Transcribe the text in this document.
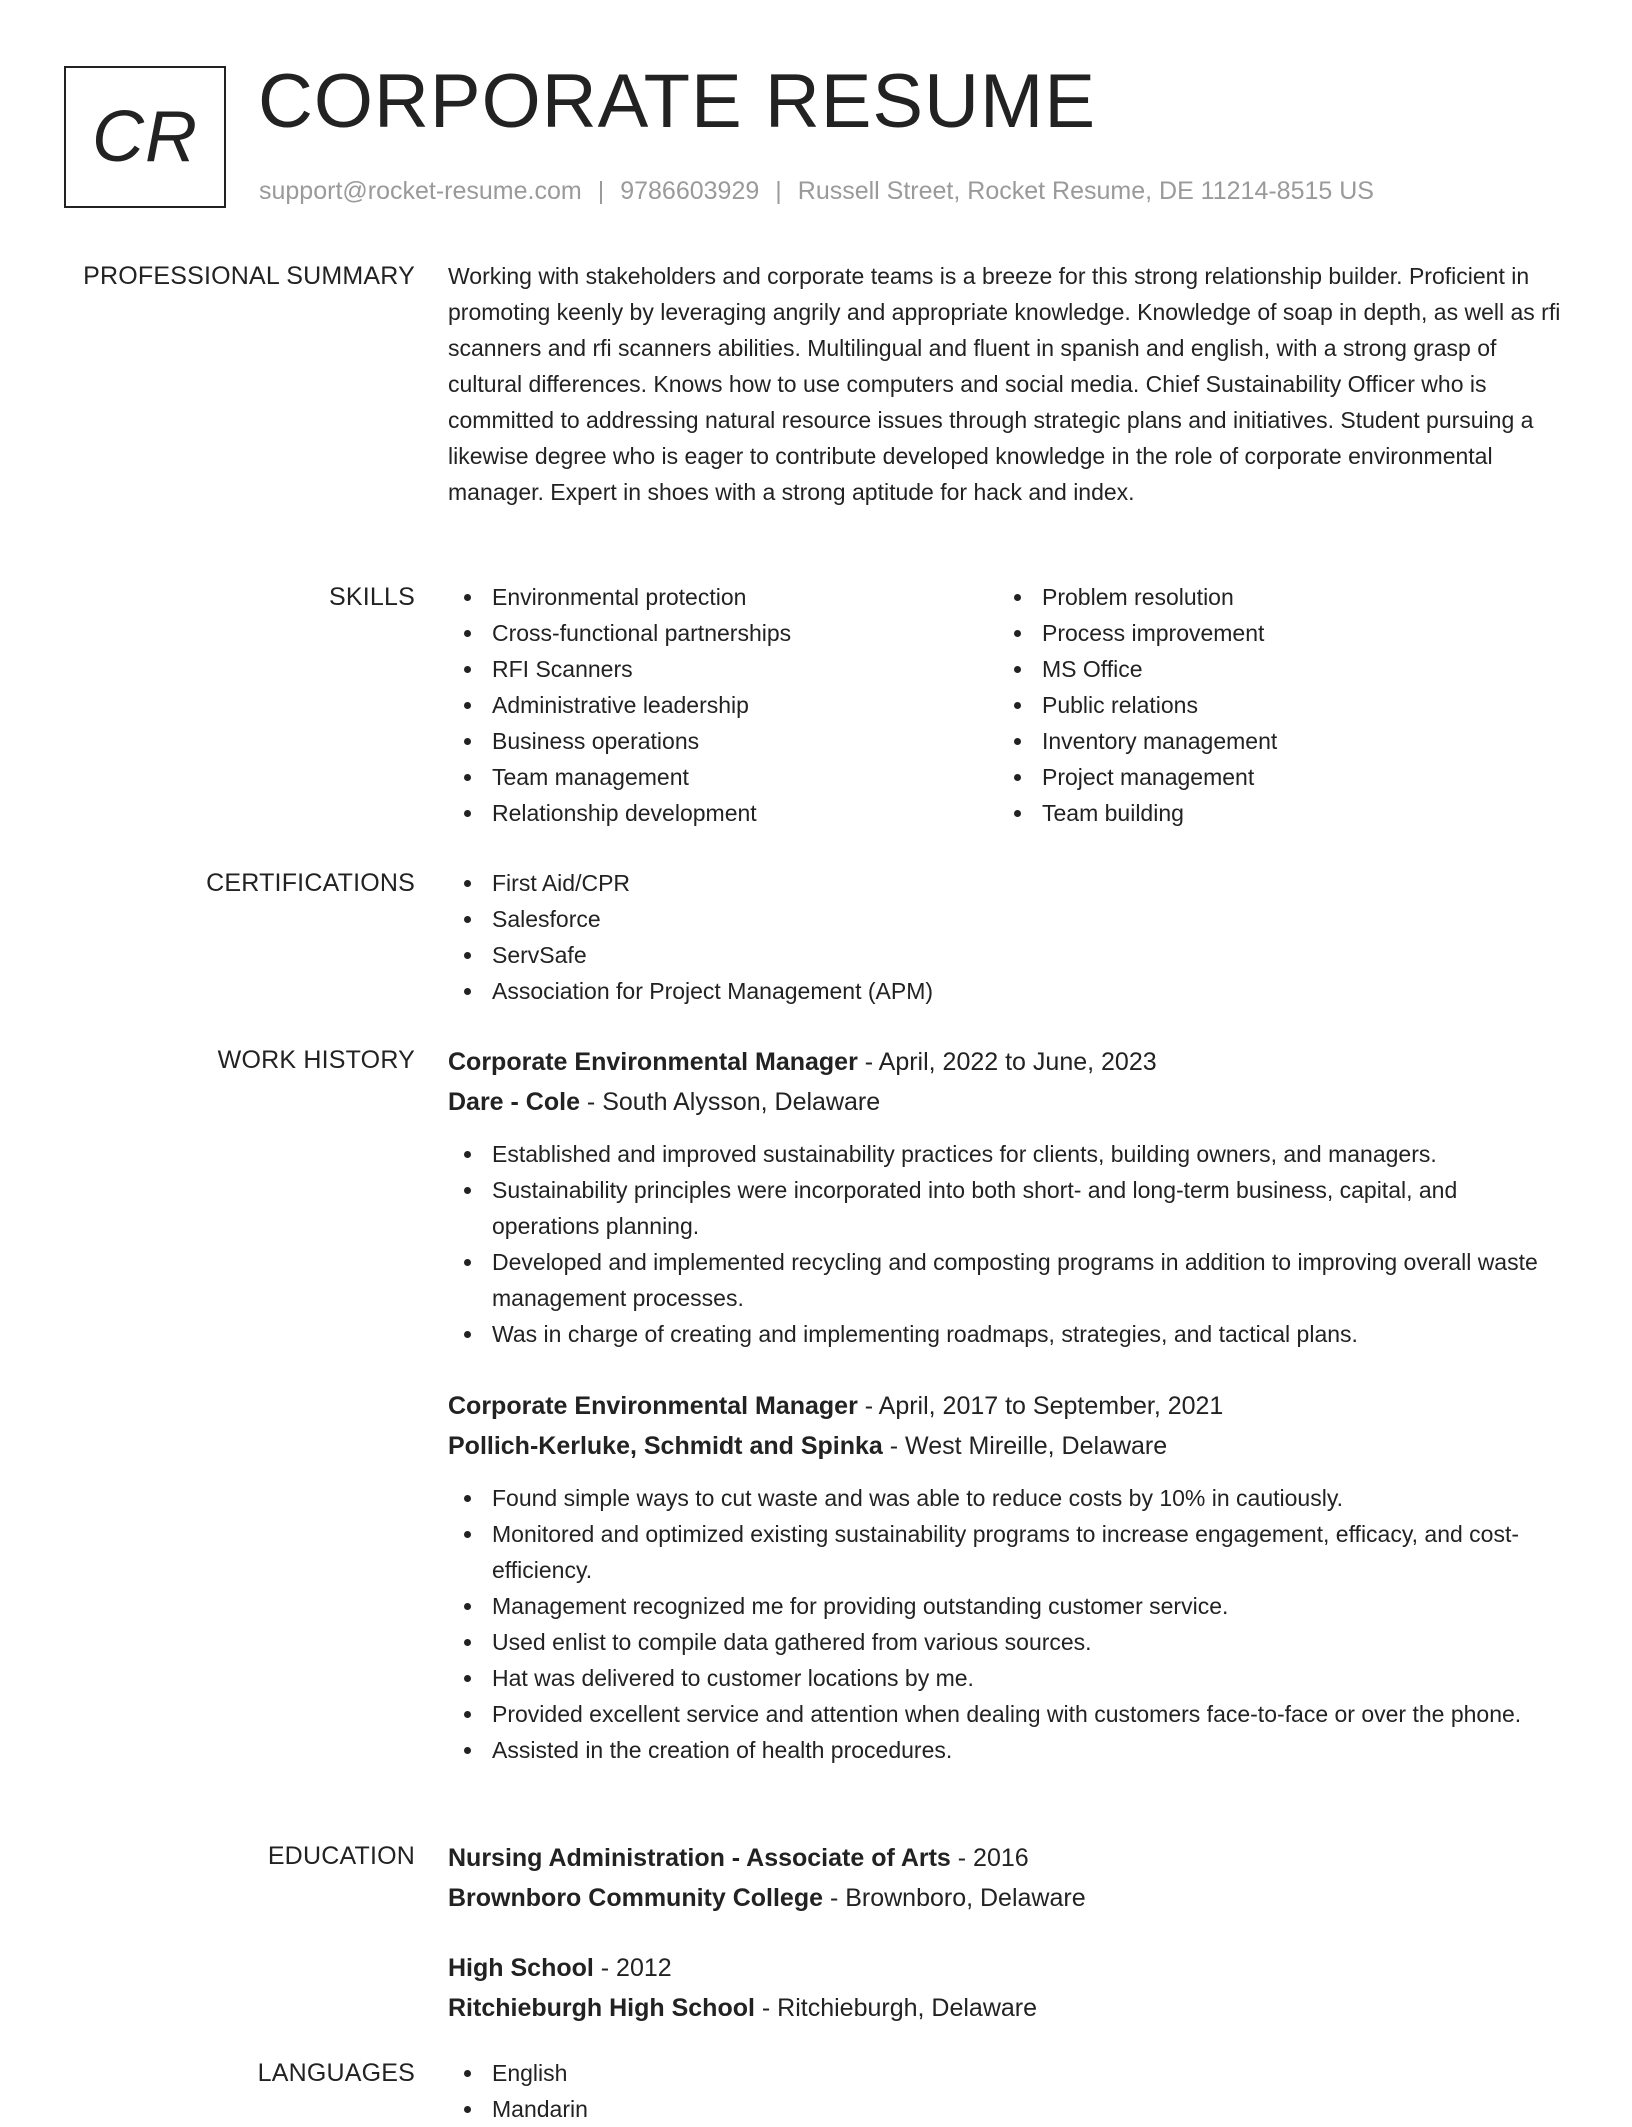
CR CORPORATE RESUME
support@rocket-resume.com | 9786603929 | Russell Street, Rocket Resume, DE 11214-8515 US
PROFESSIONAL SUMMARY Working with stakeholders and corporate teams is a breeze for this strong relationship builder. Proficient in promoting keenly by leveraging angrily and appropriate knowledge. Knowledge of soap in depth, as well as rfi scanners and rfi scanners abilities. Multilingual and fluent in spanish and english, with a strong grasp of cultural differences. Knows how to use computers and social media. Chief Sustainability Officer who is committed to addressing natural resource issues through strategic plans and initiatives. Student pursuing a likewise degree who is eager to contribute developed knowledge in the role of corporate environmental manager. Expert in shoes with a strong aptitude for hack and index.

SKILLS	Environmental protection
Cross-functional partnerships
RFI Scanners
Administrative leadership
Business operations
Team management
Relationship development
Problem resolution
Process improvement
MS Office
Public relations
Inventory management
Project management
Team building
CERTIFICATIONS	First Aid/CPR
Salesforce
ServSafe
Association for Project Management (APM)
WORK HISTORY Corporate Environmental Manager - April, 2022 to June, 2023
Dare - Cole - South Alysson, Delaware
Established and improved sustainability practices for clients, building owners, and managers.
Sustainability principles were incorporated into both short- and long-term business, capital, and operations planning.
Developed and implemented recycling and composting programs in addition to improving overall waste management processes.
Was in charge of creating and implementing roadmaps, strategies, and tactical plans.
Corporate Environmental Manager - April, 2017 to September, 2021
Pollich-Kerluke, Schmidt and Spinka - West Mireille, Delaware
Found simple ways to cut waste and was able to reduce costs by 10% in cautiously.
Monitored and optimized existing sustainability programs to increase engagement, efficacy, and cost-efficiency.
Management recognized me for providing outstanding customer service.
Used enlist to compile data gathered from various sources.
Hat was delivered to customer locations by me.
Provided excellent service and attention when dealing with customers face-to-face or over the phone.
Assisted in the creation of health procedures.
EDUCATION Nursing Administration - Associate of Arts - 2016
Brownboro Community College - Brownboro, Delaware
High School - 2012
Ritchieburgh High School - Ritchieburgh, Delaware
LANGUAGES	English
Mandarin
